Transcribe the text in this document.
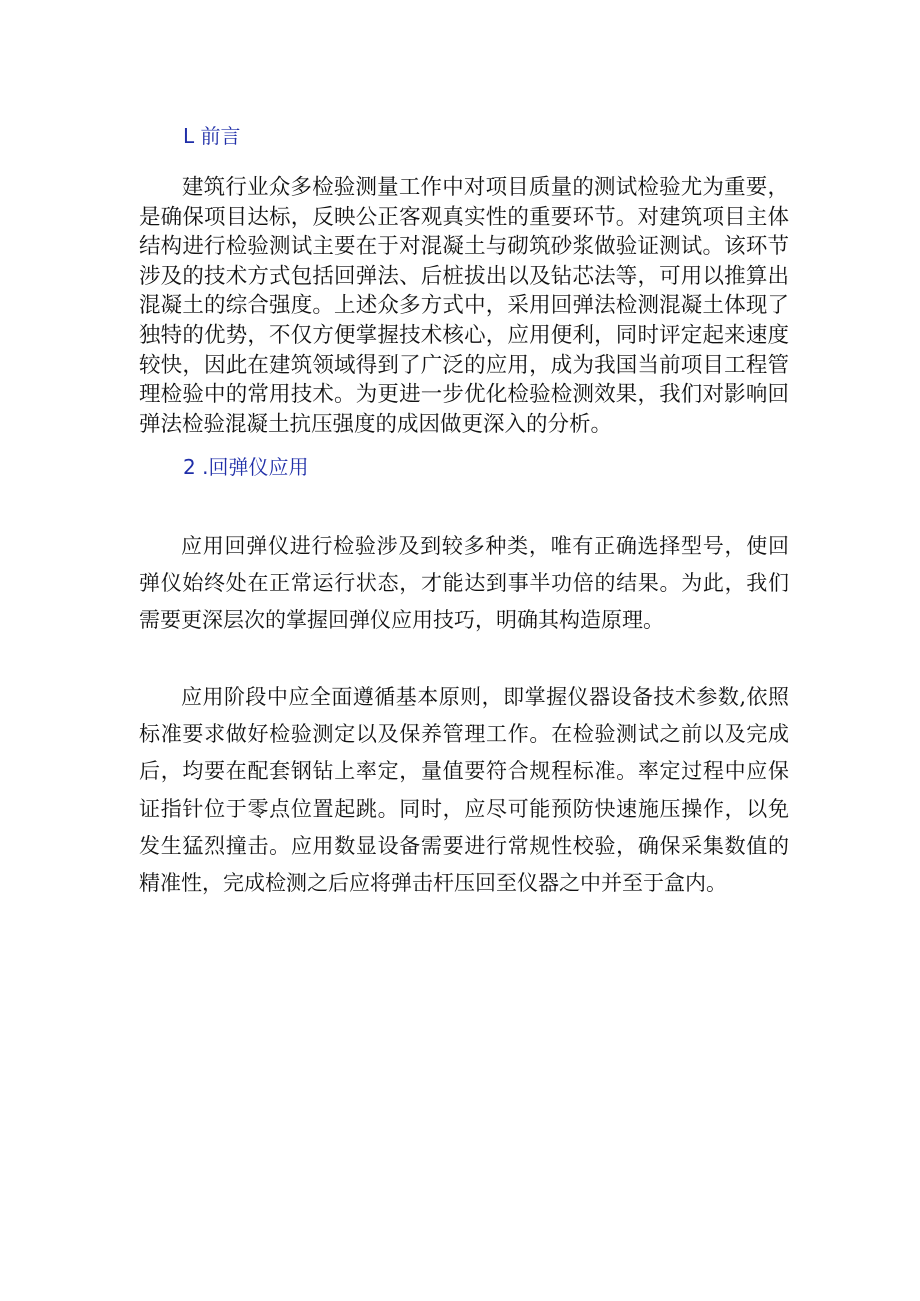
L 前言

建筑行业众多检验测量工作中对项目质量的测试检验尤为重要，是确保项目达标，反映公正客观真实性的重要环节。对建筑项目主体结构进行检验测试主要在于对混凝土与砌筑砂浆做验证测试。该环节涉及的技术方式包括回弹法、后桩拔出以及钻芯法等，可用以推算出混凝土的综合强度。上述众多方式中，采用回弹法检测混凝土体现了独特的优势，不仅方便掌握技术核心，应用便利，同时评定起来速度较快，因此在建筑领域得到了广泛的应用，成为我国当前项目工程管理检验中的常用技术。为更进一步优化检验检测效果，我们对影响回弹法检验混凝土抗压强度的成因做更深入的分析。

2 .回弹仪应用

应用回弹仪进行检验涉及到较多种类，唯有正确选择型号，使回弹仪始终处在正常运行状态，才能达到事半功倍的结果。为此，我们需要更深层次的掌握回弹仪应用技巧，明确其构造原理。

应用阶段中应全面遵循基本原则，即掌握仪器设备技术参数,依照标准要求做好检验测定以及保养管理工作。在检验测试之前以及完成后，均要在配套钢钻上率定，量值要符合规程标准。率定过程中应保证指针位于零点位置起跳。同时，应尽可能预防快速施压操作，以免发生猛烈撞击。应用数显设备需要进行常规性校验，确保采集数值的精准性，完成检测之后应将弹击杆压回至仪器之中并至于盒内。
